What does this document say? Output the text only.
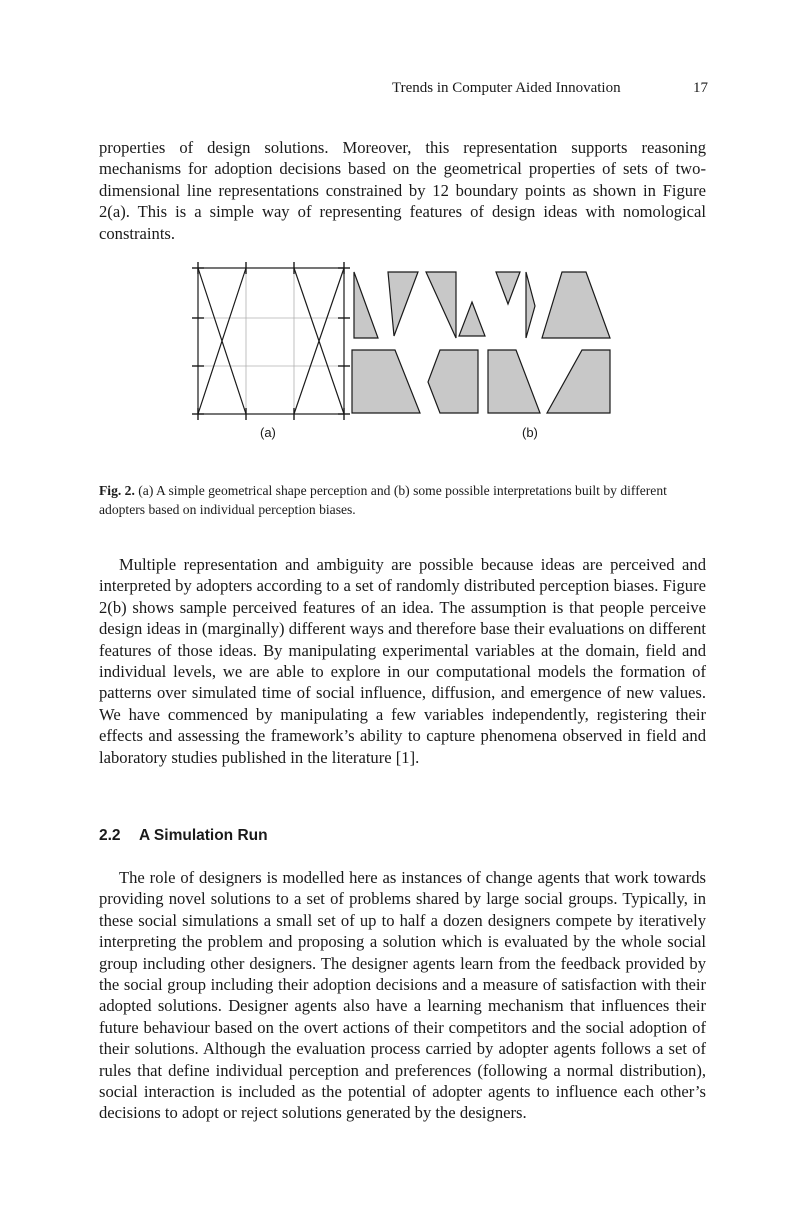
Trends in Computer Aided Innovation	17

properties of design solutions. Moreover, this representation supports reasoning mechanisms for adoption decisions based on the geometrical properties of sets of two-dimensional line representations constrained by 12 boundary points as shown in Figure 2(a). This is a simple way of representing features of design ideas with nomological constraints.

(a)	(b)

Fig. 2. (a) A simple geometrical shape perception and (b) some possible interpretations built by different adopters based on individual perception biases.

Multiple representation and ambiguity are possible because ideas are perceived and interpreted by adopters according to a set of randomly distributed perception biases. Figure 2(b) shows sample perceived features of an idea. The assumption is that people perceive design ideas in (marginally) different ways and therefore base their evaluations on different features of those ideas. By manipulating experimental variables at the domain, field and individual levels, we are able to explore in our computational models the formation of patterns over simulated time of social influence, diffusion, and emergence of new values. We have commenced by manipulating a few variables independently, registering their effects and assessing the framework’s ability to capture phenomena observed in field and laboratory studies published in the literature [1].

2.2 A Simulation Run

The role of designers is modelled here as instances of change agents that work towards providing novel solutions to a set of problems shared by large social groups. Typically, in these social simulations a small set of up to half a dozen designers compete by iteratively interpreting the problem and proposing a solution which is evaluated by the whole social group including other designers. The designer agents learn from the feedback provided by the social group including their adoption decisions and a measure of satisfaction with their adopted solutions. Designer agents also have a learning mechanism that influences their future behaviour based on the overt actions of their competitors and the social adoption of their solutions. Although the evaluation process carried by adopter agents follows a set of rules that define individual perception and preferences (following a normal distribution), social interaction is included as the potential of adopter agents to influence each other’s decisions to adopt or reject solutions generated by the designers.
